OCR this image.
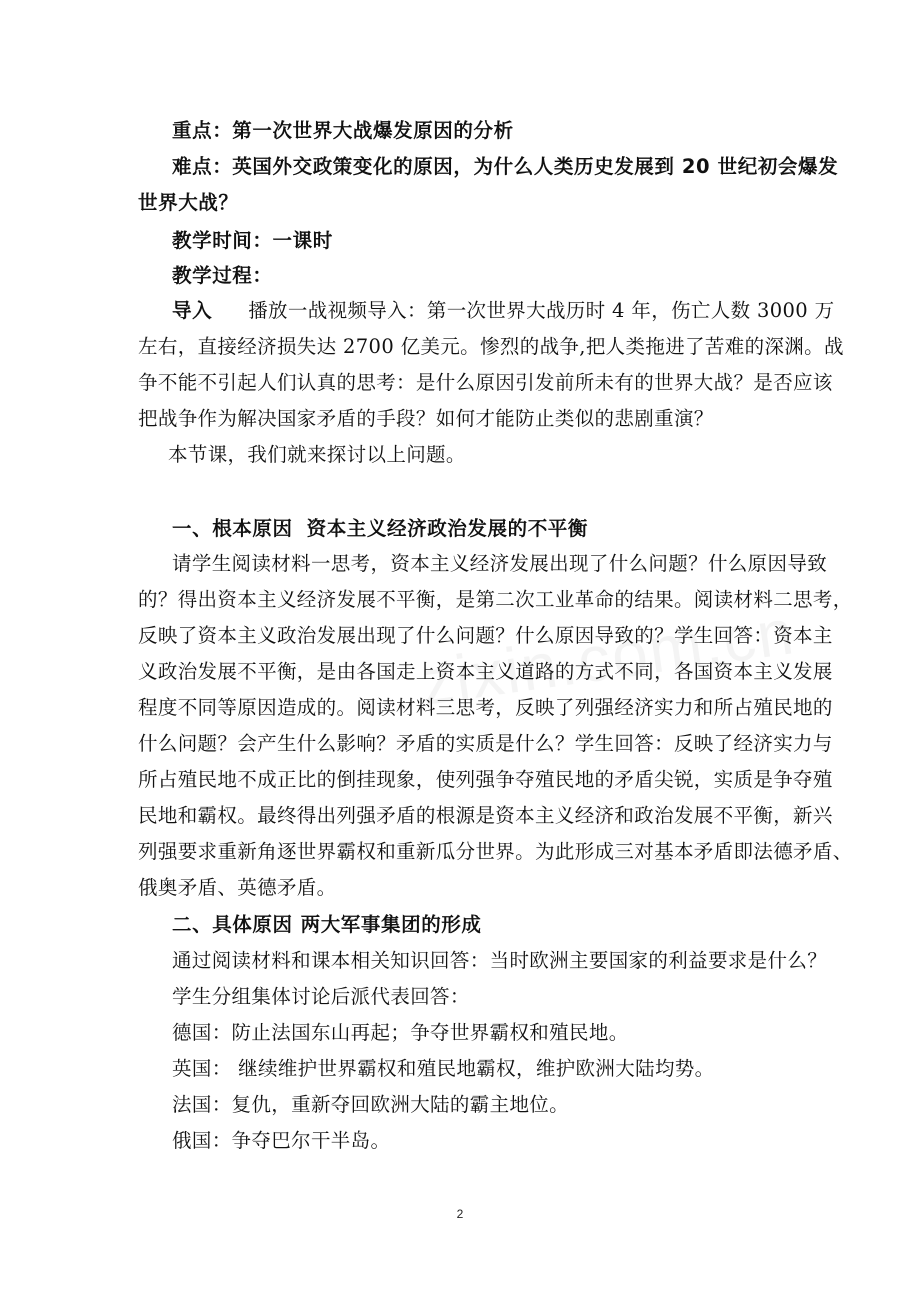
重点：第一次世界大战爆发原因的分析
难点：英国外交政策变化的原因，为什么人类历史发展到 20 世纪初会爆发
世界大战？
教学时间：一课时
教学过程：
导入 播放一战视频导入：第一次世界大战历时 4 年，伤亡人数 3000 万
左右，直接经济损失达 2700 亿美元。惨烈的战争,把人类拖进了苦难的深渊。战
争不能不引起人们认真的思考：是什么原因引发前所未有的世界大战？是否应该
把战争作为解决国家矛盾的手段？如何才能防止类似的悲剧重演？
本节课，我们就来探讨以上问题。
一、根本原因 资本主义经济政治发展的不平衡
请学生阅读材料一思考，资本主义经济发展出现了什么问题？什么原因导致
的？得出资本主义经济发展不平衡，是第二次工业革命的结果。阅读材料二思考，
反映了资本主义政治发展出现了什么问题？什么原因导致的？学生回答：资本主
义政治发展不平衡，是由各国走上资本主义道路的方式不同，各国资本主义发展
程度不同等原因造成的。阅读材料三思考，反映了列强经济实力和所占殖民地的
什么问题？会产生什么影响？矛盾的实质是什么？学生回答：反映了经济实力与
所占殖民地不成正比的倒挂现象，使列强争夺殖民地的矛盾尖锐，实质是争夺殖
民地和霸权。最终得出列强矛盾的根源是资本主义经济和政治发展不平衡，新兴
列强要求重新角逐世界霸权和重新瓜分世界。为此形成三对基本矛盾即法德矛盾、
俄奥矛盾、英德矛盾。
二、具体原因 两大军事集团的形成
通过阅读材料和课本相关知识回答：当时欧洲主要国家的利益要求是什么？
学生分组集体讨论后派代表回答：
德国：防止法国东山再起；争夺世界霸权和殖民地。
英国： 继续维护世界霸权和殖民地霸权，维护欧洲大陆均势。
法国：复仇，重新夺回欧洲大陆的霸主地位。
俄国：争夺巴尔干半岛。
2
